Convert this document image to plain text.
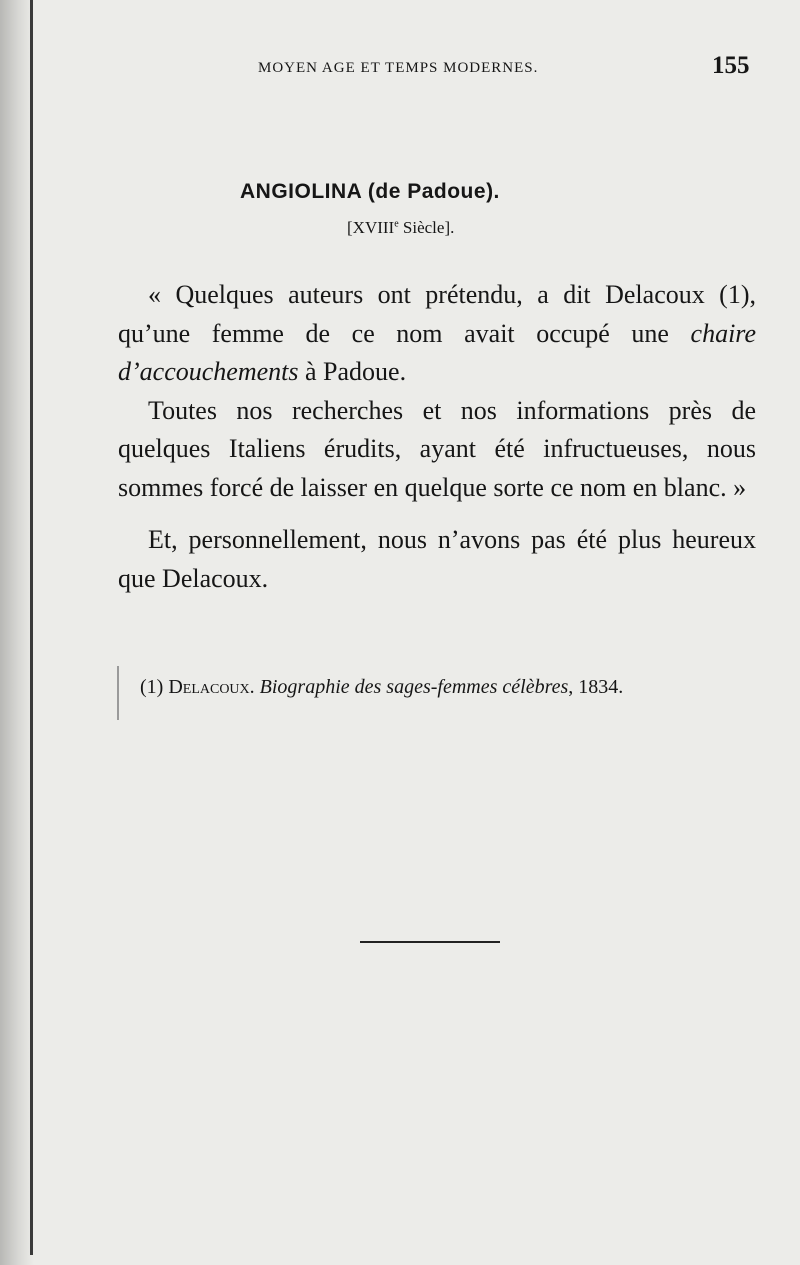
MOYEN AGE ET TEMPS MODERNES.	155
ANGIOLINA (de Padoue).
[XVIIIe Siècle].

« Quelques auteurs ont prétendu, a dit Delacoux (1), qu’une femme de ce nom avait occupé une chaire d’accouchements à Padoue.

Toutes nos recherches et nos informations près de quelques Italiens érudits, ayant été infructueuses, nous sommes forcé de laisser en quelque sorte ce nom en blanc. »

Et, personnellement, nous n’avons pas été plus heureux que Delacoux.

(1) Delacoux. Biographie des sages-femmes célèbres, 1834.
